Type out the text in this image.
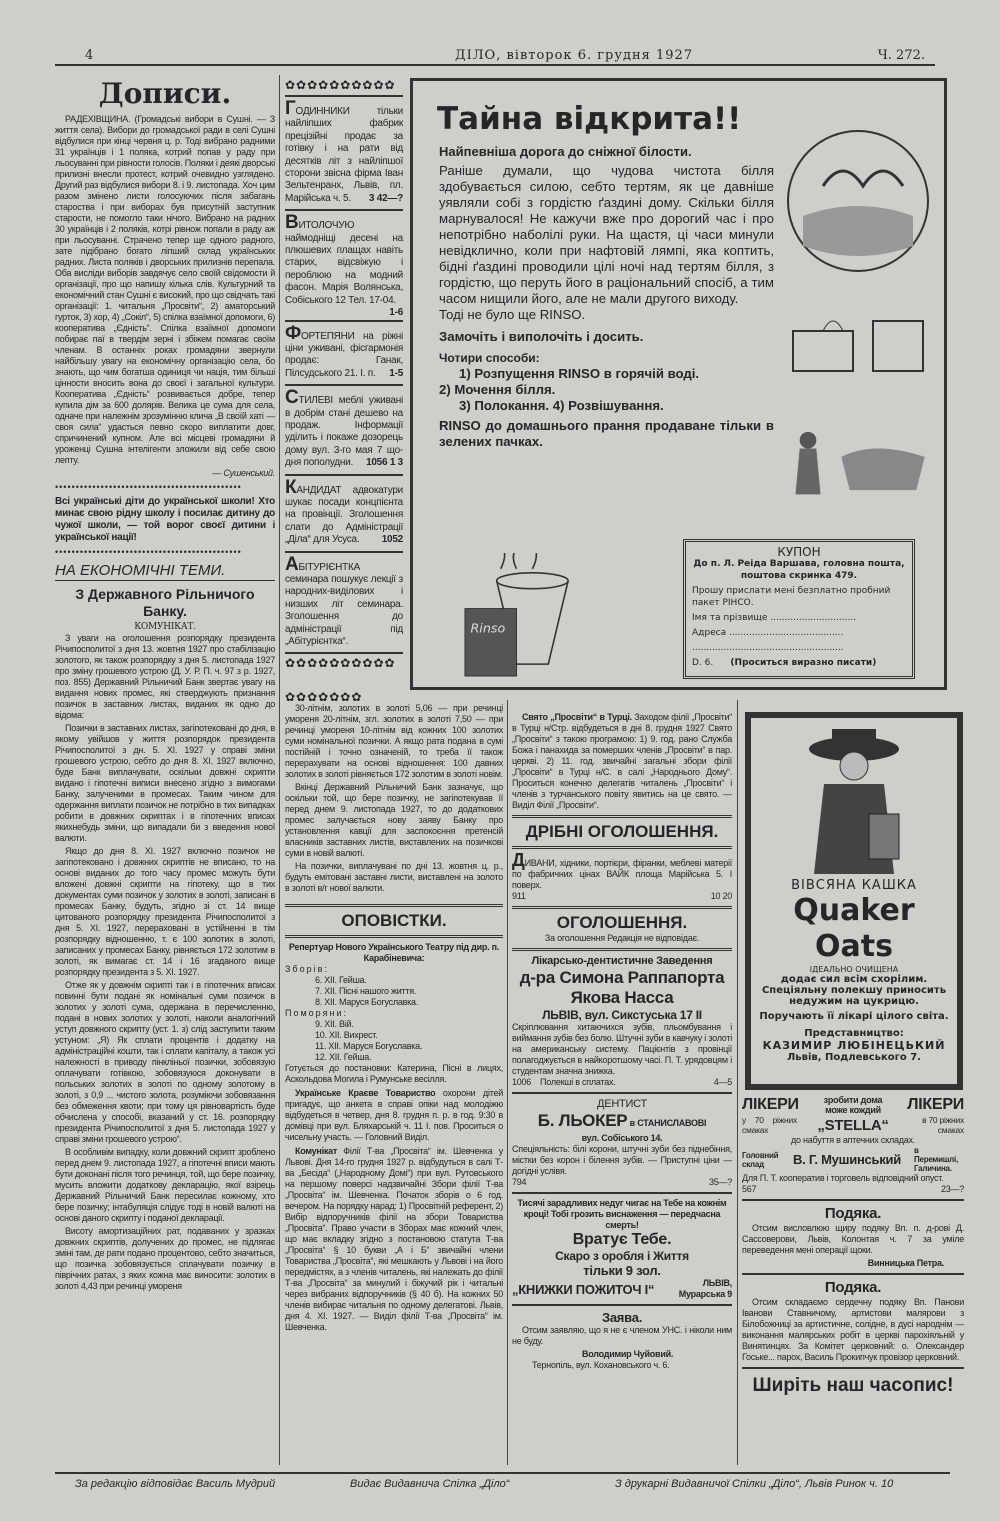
4	ДІЛО, вівторок 6. грудня 1927	Ч. 272.
Дописи.

РАДЕХІВЩИНА. (Громадські вибори в Сушні. — З життя села). Вибори до громадської ради в селі Сушні відбулися при кінці червня ц. р. Тоді вибрано радними 31 українців і 1 поляка, котрий попав у раду при льосуванні при рівности голосів. Поляки і деякі дворські прилизні внесли протест, котрий очевидно узглядено. Другий раз відбулися вибори 8. і 9. листопада. Хоч цим разом змінено листи голосуючих після забагань староства і при виборах був присутній заступник старости, не помогло таки нічого. Вибрано на радних 30 українців і 2 поляків, котрі рівнож попали в раду аж при льосуванні. Страчено тепер ще одного радного, зате підібрано богато ліпший склад українських радних. Листа поляків і дворських прилизнів перепала. Оба висліди виборів завдячує село своїй свідомости й організації, про що напишу кілька слів. Культурний та економічний стан Сушні є високий, про що свідчать такі організації: 1. читальня „Просвіти“, 2) аматорський гурток, 3) хор, 4) „Сокіл“, 5) спілка взаїмної допомоги, 6) кооператива „Єдність“. Спілка взаїмної допомоги побирає паї в твердім зерні і збіжем помагає своїм членам. В останніх роках громадяни звернули найбільшу увагу на економічну організацію села, бо знають, що чим богатша одиниця чи нація, тим більші цінности вносить вона до своєї і загальної культури. Кооператива „Єдність“ розвивається добре, тепер купила дім за 600 долярів. Велика це сума для села, одначе при належнім зрозумінню клича „В своїй хаті — своя сила“ удасться певно скоро виплатити довг, спричинений купном. Але всі місцеві громадяни й уроженці Сушна інтелігенти зложили від себе свою лепту.

— Сушенський.

•••••••••••••••••••••••••••••••••••••••••••••

Всі українські діти до української школи! Хто минає свою рідну школу і посилає дитину до чужої школи, — той ворог своєї дитини і української нації!

•••••••••••••••••••••••••••••••••••••••••••••
НА ЕКОНОМІЧНІ ТЕМИ.
З Державного Рільничого Банку.
КОМУНІКАТ.

З уваги на оголошення розпорядку президента Річипосполитої з дня 13. жовтня 1927 про стабілізацію золотого, як також розпорядку з дня 5. листопада 1927 про зміну грошевого устрою (Д. У. Р. П. ч. 97 з р. 1927, поз. 855) Державний Рільничий Банк звертає увагу на видання нових промес, які стверджують признання позичок в заставних листах, виданих як одно до відома:

Позички в заставних листах, загіпотековані до дня, в якому увійшов у життя розпорядок президента Річипосполитої з дн. 5. XI. 1927 у справі зміни грошевого устрою, себто до дня 8. XI. 1927 включно, буде Банк виплачувати, оскільки довжні скрипти видано і гіпотечні виписи внесено згідно з вимогами Банку, залученими в промесах. Таким чином для одержання виплати позичок не потрібно в тих випадках робити в довжних скриптах і в гіпотечних вписах якихнебудь зміни, що випадали би з введення нової валюти.

Якщо до дня 8. XI. 1927 включно позичок не загіпотековано і довжних скриптів не вписано, то на основі виданих до того часу промес можуть бути вложені довжні скрипти на гіпотеку, що в тих документах суми позичок у золотих в золоті, записані в промесах Банку, будуть, згідно зі ст. 14 вище цитованого розпорядку президента Річипосполитої з дня 5. XI. 1927, перераховані в устійненні в тім розпорядку відношенню, т. є 100 золотих в золоті, записаних у промесах Банку, рівняється 172 золотим в золоті, як вимагає ст. 14 і 16 згаданого вище розпорядку президента з 5. XI. 1927.

Отже як у довжнім скрипті так і в гіпотечних вписах повинні бути подані як номінальні суми позичок в золотих у золоті сума, одержана в перечисленню, подані в нових золотих у золоті, наколи аналогічний уступ довжного скрипту (уст. 1. з) слід заступити таким устуном: „Я) Як сплати процентів і додатку на адміністраційні кошти, так і сплати капіталу, а також усі належності в приводу пінкліньої позички, зобовязую оплачувати готівкою, зобовязуюся доконувати в польських золотих в золоті по одному золотому в золоті, з 0,9 ... чистого золота, розуміючи зобовязання без обмеження квоти; при тому ця рівновартість буде обчислена у способі, вказаний у ст. 16. розпорядку президента Річипосполитої з дня 5. листопада 1927 у справі зміни грошевого устрою“.

В особливім випадку, коли довжний скрипт зроблено перед днем 9. листопада 1927, а гіпотечні вписи мають бути доконані після того речинця, той, що бере позичку, мусить вложити додаткову декларацію, якої взірець Державний Рільничий Банк пересилає кожному, хто бере позичку; інтабуляція слідує тоді в новій валюті на основі даного скрипту і поданої декларації.

Висоту амортизаційних рат, подаваних у зразках довжних скриптів, долучених до промес, не підлягає зміні там, де рати подано процентово, себто значиться, що позичка зобовязується сплачувати позичку в піврічних ратах, з яких кожна має виносити: золотих в золоті 4,43 при речинці умореня

✿✿✿✿✿✿✿✿✿✿
ГОДИННИКИ тільки найліпших фабрик прецізійні продає за готівку і на рати від десятків літ з найліпшої сторони звісна фірма Іван Зельтенранх, Львів, пл. Марійська ч. 5. 3 42—?
ВИТОЛОЧУЮ наймодніщі десені на плюшевих плащах навіть старих, відсвіжую і пероблюю на модний фасон. Марія Волянська, Собіського 12 Тел. 17-04.
1-6
ФОРТЕПЯНИ на ріжні ціни уживані, фісгармонія продає: Ганак, Пілсудського 21. І. п. 1-5
СТИЛЕВІ меблі уживані в добрім стані дешево на продаж. Інформації уділить і покаже дозорець дому вул. 3-го мая 7 що-дня пополудни. 1056 1 3
КАНДИДАТ адвокатури шукає посади концпієнта на провінції. Зголошення слати до Адміністрації „Діла“ для Усуса. 1052
АБІТУРІЄНТКА семинара пошукує лекції з народних-виділових і низших літ семинара. Зголошення до адміністрації під „Абітурієнтка“.
✿✿✿✿✿✿✿✿✿✿
Тайна відкрита!!
Найпевніша дорога до сніжної білости.
Раніше думали, що чудова чистота білля здобувається силою, себто тертям, як це давніше уявляли собі з гордістю ґаздині дому. Скільки білля марнувалося! Не кажучи вже про дорогий час і про непотрібно наболілі руки. На щастя, ці часи минули невідклично, коли при нафтовій лямпі, яка коптить, бідні ґаздині проводили цілі ночі над тертям білля, з гордістю, що перуть його в раціональний спосіб, а тим часом нищили його, але не мали другого виходу.
Тоді не було ще RINSO.
Замочіть і виполочіть і досить.
Чотири способи:
1) Розпущення RINSO в горячій воді.
2) Мочення білля.
3) Полокання. 4) Розвішування.
RINSO до домашнього прання продаване тільки в зелених пачках.
Rinso
КУПОН
До п. Л. Реіда Варшава, головна пошта, поштова скринка 479.
Прошу прислати мені безплатно пробний пакет РІНСО.
Імя та прізвище ..............................
Адреса ........................................
.....................................................
D. 6. (Проситься виразно писати)
✿✿✿✿✿✿✿

30-літнім, золотих в золоті 5,06 — при речинці умореня 20-літнім, згл. золотих в золоті 7,50 — при речинці умореня 10-літнім від кожних 100 золотих суми номінальної позички. А якщо рата подана в сумі постійній і точно означеній, то треба її також перерахувати на основі відношення: 100 давних золотих в золоті рівняється 172 золотим в золоті новім.

Вкінці Державний Рільничий Банк зазначує, що оскільки той, що бере позичку, не загіпотекував її перед днем 9. листопада 1927, то до додаткових промес залучається нову заяву Банку про установлення кавції для заспокоєння претенсій власників заставних листів, виставлених на позичкові суми в новій валюті.

На позички, виплачувані по дні 13. жовтня ц. р., будуть емітовані заставні листи, виставлені на золото в золоті в/г нової валюти.

ОПОВІСТКИ.
Репертуар Нового Українського Театру під дир. п. Карабіневича:
Зборів:
6. XII. Гейша.
7. XII. Пісні нашого життя.
8. XII. Маруся Богуславка.
Поморяни:
9. XII. Вій.
10. XII. Вихрест.
11. XII. Маруся Богуславка.
12. XII. Гейша.
Готується до постановки: Катерина, Пісні в лицях, Аскольдова Могила і Румунське весілля.

Українське Краєве Товариство охорони дітей пригадує, що анкета в справі опіки над молодіжю відбудеться в четвер, дня 8. грудня п. р. в год. 9:30 в домівці при вул. Бляхарській ч. 11 І. пов. Проситься о чисельну участь. — Головний Виділ.

Комунікат Філії Т-ва „Просвіта“ ім. Шевченка у Львові. Дня 14-го грудня 1927 р. відбудуться в салі Т-ва „Бесіда“ („Народному Домі“) при вул. Рутовського на першому поверсі надзвичайні Збори філії Т-ва „Просвіта“ ім. Шевченка. Початок зборів о 6 год. вечером. На порядку нарад: 1) Просвітній референт, 2) Вибір відпоручників філії на збори Товариства „Просвіта“. Право участи в Зборах має кожний член, що має вкладку згідно з постановою статута Т-ва „Просвіта“ § 10 букви „А і Б“ звичайні члени Товариства „Просвіта“, які мешкають у Львові і на його передмістях, а з членів читалень, які належать до філії Т-ва „Просвіта“ за минулий і біжучий рік і читальні через вибраних відпоручників (§ 40 б). На кожних 50 членів вибирає читальня по одному делегатові. Львів, дня 4. XI. 1927. — Виділ філії Т-ва „Просвіта“ ім. Шевченка.

Свято „Просвіти“ в Турці. Заходом філії „Просвіти“ в Турці н/Стр. відбудеться в дні 8. грудня 1927 Свято „Просвіти“ з такою програмою: 1) 9. год. рано Служба Божа і панахида за померших членів „Просвіти“ в пар. церкві. 2) 11. год. звичайні загальні збори філії „Просвіти“ в Турці н/С. в салі „Народнього Дому“. Проситься конечно делегатів читалень „Просвіти“ і членів з турчанського повіту явитись на це свято. — Виділ Філії „Просвіти“.

ДРІБНІ ОГОЛОШЕННЯ.
ДИВАНИ, хідники, портієри, фіранки, меблеві матерії по фабричних цінах ВАЙК площа Марійська 5. І поверх.
911	10 20
ОГОЛОШЕННЯ.
За оголошення Редакція не відповідає.
Лікарсько-дентистичне Заведення
д-ра Симона Раппапорта
Якова Насса
ЛЬВІВ, вул. Сикстуська 17 II
Скріплювання хитаючихся зубів, пльомбування і виймання зубів без болю. Штучні зуби в кавчуку і золоті на американську систему. Пацієнтів з провінції полагоджується в найкоротшому часі. П. Т. урядовцям і студентам значна знижка.
1006 Полекші в сплатах.	4—5
ДЕНТИСТ
Б. ЛЬОКЕР в СТАНИСЛАВОВІ
вул. Собіського 14.
Спеціяльність: білі корони, штучні зуби без піднебіння, містки без корон і білення зубів. — Приступні ціни — догідні услівя.
794	35—?
Тисячі зарадливих недуг чигає на Тебе на кожнім кроці! Тобі грозить виснаження — передчасна смерть!
Вратує Тебе.
Скаро з оробля і Життя
тільки 9 зол.
„КНИЖКИ ПОЖИТОЧ І“	ЛЬВІВ,
Мурарська 9
Заява.

Отсим заявляю, що я не є членом УНС. і ніколи ним не буду.

Володимир Чуйовий.
Тернопіль, вул. Кохановського ч. 6.
ВІВСЯНА КАШКА
Quaker Oats
ІДЕАЛЬНО ОЧИЩЕНА
додає сил всім схорілим. Спеціяльну полекшу приносить недужим на цукрицю.
Поручають її лікарі цілого світа.
Представництво:
КАЗИМИР ЛЮБІНЕЦЬКИЙ
Львів, Подлевського 7.
ЛІКЕРИ	зробити дома може кождий	ЛІКЕРИ
у 70 ріжних смаках	„STELLA“	в 70 ріжних смаках
до набуття в аптечних складах.
Головний склад	В. Г. Мушинський
в Перемишлі, Галичина.
Для П. Т. кооператив і торговель відповідний опуст.
567	23—?
Подяка.

Отсим висловлюю щиру подяку Вп. п. д-рові Д. Сассоверови, Львів, Колонтая ч. 7 за уміле переведення мені операції щоки.

Винницька Петра.
Подяка.

Отсим складаємо сердечну подяку Вп. Панови Іванови Ставничому, артистови малярови з Білобожниці за артистичне, солідне, в дусі народнім — виконання малярських робіт в церкві парохіяльній у Винятинцях. За Комітет церковний: о. Олександер Гоське... парох, Василь Прокипчук провізор церковний.

Ширіть наш часопис!
За редакцію відповідає Василь Мудрий	Видає Видавнича Спілка „Діло“	З друкарні Видавничої Спілки „Діло“, Львів Ринок ч. 10
